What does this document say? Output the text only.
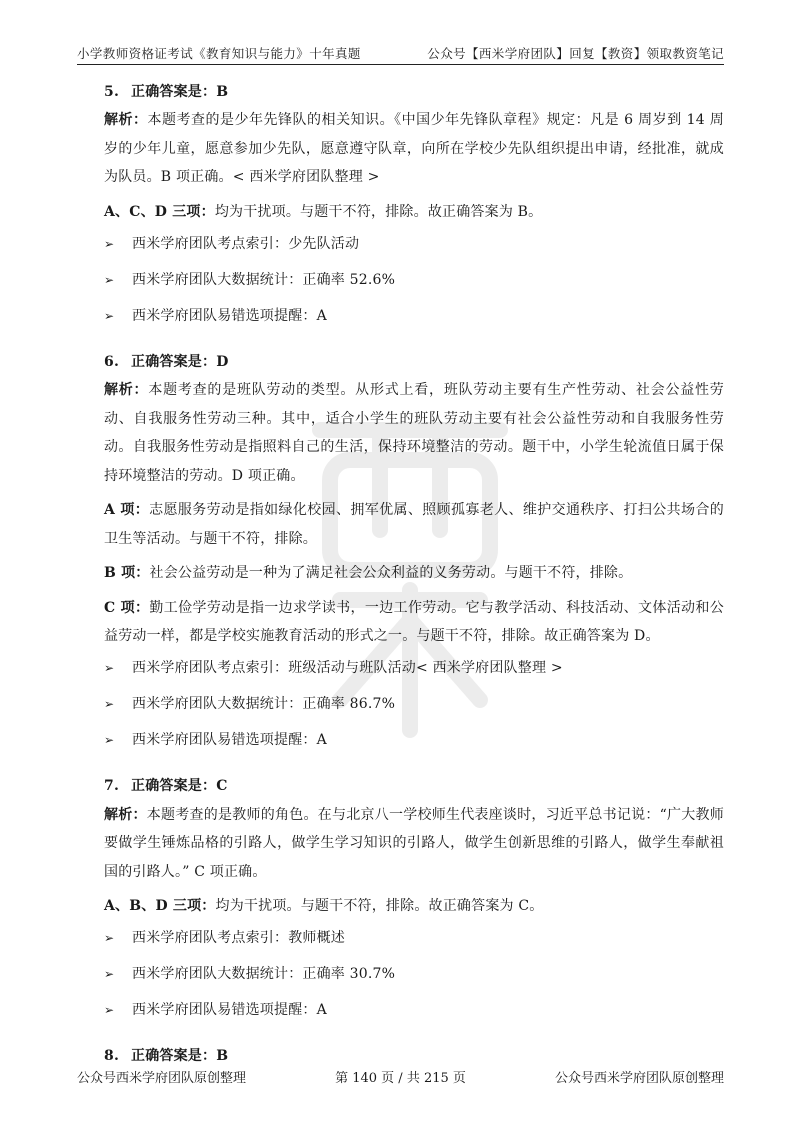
小学教师资格证考试《教育知识与能力》十年真题	公众号【西米学府团队】回复【教资】领取教资笔记
5. 正确答案是：B

解析：本题考查的是少年先锋队的相关知识。《中国少年先锋队章程》规定：凡是 6 周岁到 14 周岁的少年儿童，愿意参加少先队，愿意遵守队章，向所在学校少先队组织提出申请，经批准，就成为队员。B 项正确。< 西米学府团队整理 >

A、C、D 三项：均为干扰项。与题干不符，排除。故正确答案为 B。

➢	西米学府团队考点索引：少先队活动
➢	西米学府团队大数据统计：正确率 52.6%
➢	西米学府团队易错选项提醒：A
6. 正确答案是：D

解析：本题考查的是班队劳动的类型。从形式上看，班队劳动主要有生产性劳动、社会公益性劳动、自我服务性劳动三种。其中，适合小学生的班队劳动主要有社会公益性劳动和自我服务性劳动。自我服务性劳动是指照料自己的生活，保持环境整洁的劳动。题干中，小学生轮流值日属于保持环境整洁的劳动。D 项正确。

A 项：志愿服务劳动是指如绿化校园、拥军优属、照顾孤寡老人、维护交通秩序、打扫公共场合的卫生等活动。与题干不符，排除。

B 项：社会公益劳动是一种为了满足社会公众利益的义务劳动。与题干不符，排除。

C 项：勤工俭学劳动是指一边求学读书，一边工作劳动。它与教学活动、科技活动、文体活动和公益劳动一样，都是学校实施教育活动的形式之一。与题干不符，排除。故正确答案为 D。

➢	西米学府团队考点索引：班级活动与班队活动< 西米学府团队整理 >
➢	西米学府团队大数据统计：正确率 86.7%
➢	西米学府团队易错选项提醒：A
7. 正确答案是：C

解析：本题考查的是教师的角色。在与北京八一学校师生代表座谈时，习近平总书记说：“广大教师要做学生锤炼品格的引路人，做学生学习知识的引路人，做学生创新思维的引路人，做学生奉献祖国的引路人。” C 项正确。

A、B、D 三项：均为干扰项。与题干不符，排除。故正确答案为 C。

➢	西米学府团队考点索引：教师概述
➢	西米学府团队大数据统计：正确率 30.7%
➢	西米学府团队易错选项提醒：A
8. 正确答案是：B
公众号西米学府团队原创整理	第 140 页 / 共 215 页	公众号西米学府团队原创整理
